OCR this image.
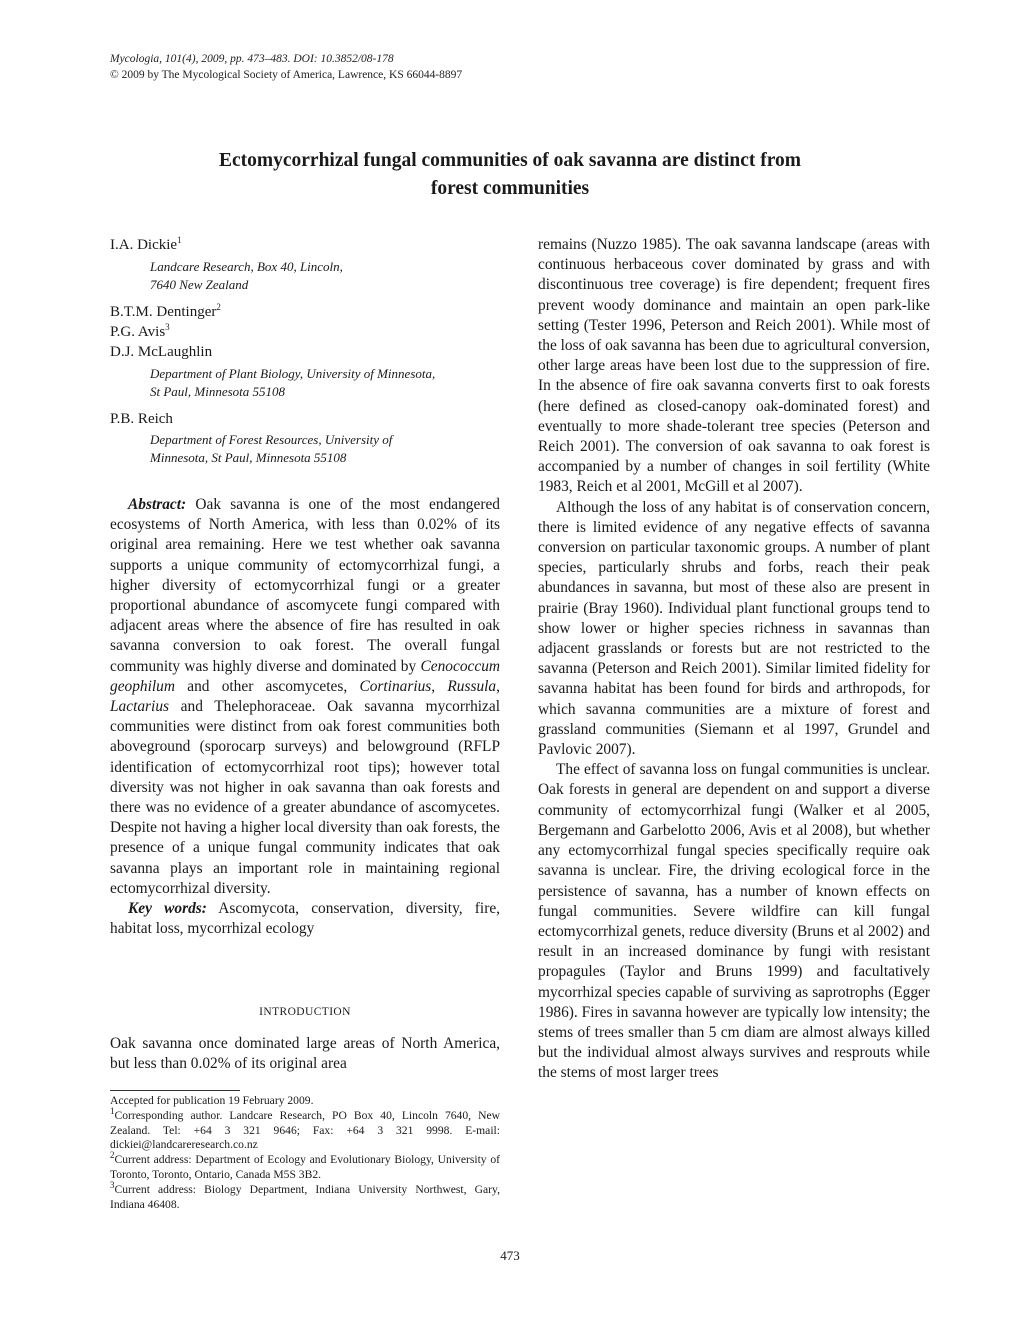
Mycologia, 101(4), 2009, pp. 473–483. DOI: 10.3852/08-178
© 2009 by The Mycological Society of America, Lawrence, KS 66044-8897
Ectomycorrhizal fungal communities of oak savanna are distinct from
forest communities
I.A. Dickie$^1$
Landcare Research, Box 40, Lincoln,
7640 New Zealand
B.T.M. Dentinger$^2$
P.G. Avis$^3$
D.J. McLaughlin
Department of Plant Biology, University of Minnesota,
St Paul, Minnesota 55108
P.B. Reich
Department of Forest Resources, University of
Minnesota, St Paul, Minnesota 55108

Abstract: Oak savanna is one of the most endangered ecosystems of North America, with less than 0.02% of its original area remaining. Here we test whether oak savanna supports a unique community of ectomycorrhizal fungi, a higher diversity of ectomycorrhizal fungi or a greater proportional abundance of ascomycete fungi compared with adjacent areas where the absence of fire has resulted in oak savanna conversion to oak forest. The overall fungal community was highly diverse and dominated by Cenococcum geophilum and other ascomycetes, Cortinarius, Russula, Lactarius and Thelephoraceae. Oak savanna mycorrhizal communities were distinct from oak forest communities both aboveground (sporocarp surveys) and belowground (RFLP identification of ectomycorrhizal root tips); however total diversity was not higher in oak savanna than oak forests and there was no evidence of a greater abundance of ascomycetes. Despite not having a higher local diversity than oak forests, the presence of a unique fungal community indicates that oak savanna plays an important role in maintaining regional ectomycorrhizal diversity.

Key words: Ascomycota, conservation, diversity, fire, habitat loss, mycorrhizal ecology

INTRODUCTION

Oak savanna once dominated large areas of North America, but less than 0.02% of its original area

Accepted for publication 19 February 2009.

$^1$Corresponding author. Landcare Research, PO Box 40, Lincoln 7640, New Zealand. Tel: +64 3 321 9646; Fax: +64 3 321 9998. E-mail: dickiei@landcareresearch.co.nz

$^2$Current address: Department of Ecology and Evolutionary Biology, University of Toronto, Toronto, Ontario, Canada M5S 3B2.

$^3$Current address: Biology Department, Indiana University Northwest, Gary, Indiana 46408.

remains (Nuzzo 1985). The oak savanna landscape (areas with continuous herbaceous cover dominated by grass and with discontinuous tree coverage) is fire dependent; frequent fires prevent woody dominance and maintain an open park-like setting (Tester 1996, Peterson and Reich 2001). While most of the loss of oak savanna has been due to agricultural conversion, other large areas have been lost due to the suppression of fire. In the absence of fire oak savanna converts first to oak forests (here defined as closed-canopy oak-dominated forest) and eventually to more shade-tolerant tree species (Peterson and Reich 2001). The conversion of oak savanna to oak forest is accompanied by a number of changes in soil fertility (White 1983, Reich et al 2001, McGill et al 2007).

Although the loss of any habitat is of conservation concern, there is limited evidence of any negative effects of savanna conversion on particular taxonomic groups. A number of plant species, particularly shrubs and forbs, reach their peak abundances in savanna, but most of these also are present in prairie (Bray 1960). Individual plant functional groups tend to show lower or higher species richness in savannas than adjacent grasslands or forests but are not restricted to the savanna (Peterson and Reich 2001). Similar limited fidelity for savanna habitat has been found for birds and arthropods, for which savanna communities are a mixture of forest and grassland communities (Siemann et al 1997, Grundel and Pavlovic 2007).

The effect of savanna loss on fungal communities is unclear. Oak forests in general are dependent on and support a diverse community of ectomycorrhizal fungi (Walker et al 2005, Bergemann and Garbelotto 2006, Avis et al 2008), but whether any ectomycorrhizal fungal species specifically require oak savanna is unclear. Fire, the driving ecological force in the persistence of savanna, has a number of known effects on fungal communities. Severe wildfire can kill fungal ectomycorrhizal genets, reduce diversity (Bruns et al 2002) and result in an increased dominance by fungi with resistant propagules (Taylor and Bruns 1999) and facultatively mycorrhizal species capable of surviving as saprotrophs (Egger 1986). Fires in savanna however are typically low intensity; the stems of trees smaller than 5 cm diam are almost always killed but the individual almost always survives and resprouts while the stems of most larger trees

473
